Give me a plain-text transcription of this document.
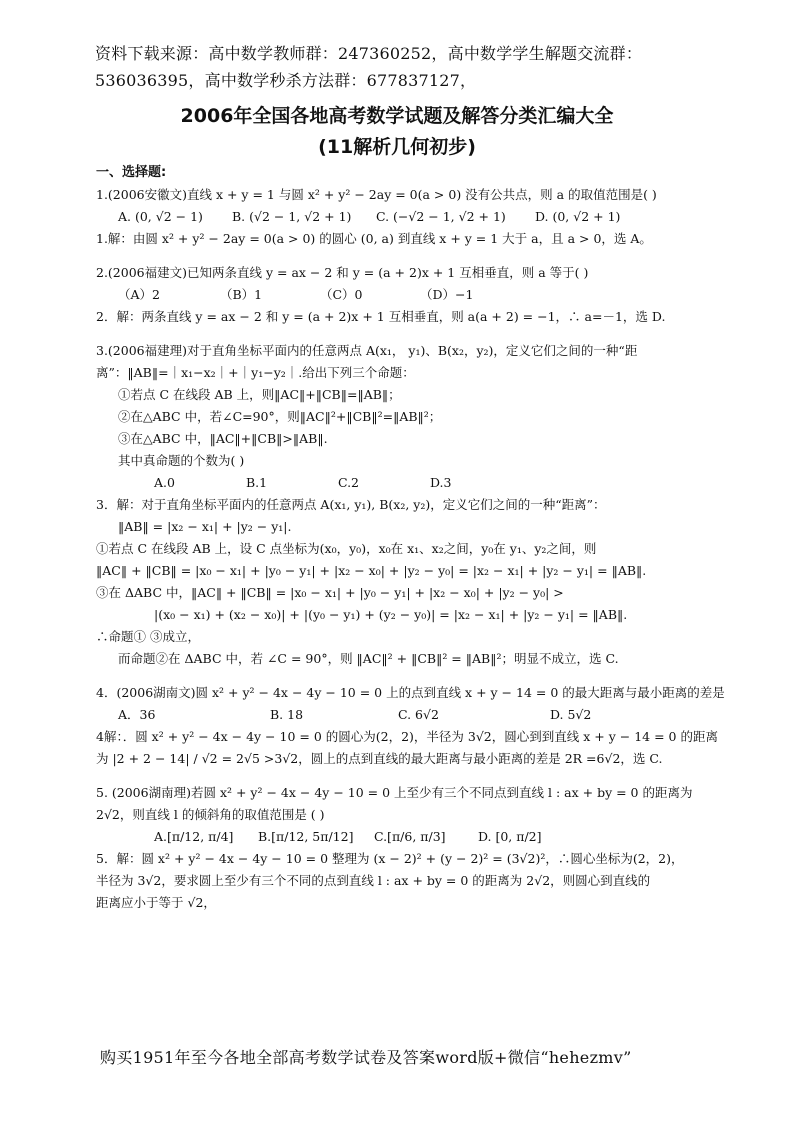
资料下载来源：高中数学教师群：247360252，高中数学学生解题交流群：
536036395，高中数学秒杀方法群：677837127，
2006年全国各地高考数学试题及解答分类汇编大全
(11解析几何初步)

一、选择题:

1.(2006安徽文)直线 x + y = 1 与圆 x² + y² − 2ay = 0(a > 0) 没有公共点，则 a 的取值范围是( )

A. (0, √2 − 1) B. (√2 − 1, √2 + 1) C. (−√2 − 1, √2 + 1) D. (0, √2 + 1)

1.解：由圆 x² + y² − 2ay = 0(a > 0) 的圆心 (0, a) 到直线 x + y = 1 大于 a，且 a > 0，选 A。

2.(2006福建文)已知两条直线 y = ax − 2 和 y = (a + 2)x + 1 互相垂直，则 a 等于( )

（A）2	（B）1	（C）0	（D）−1

2．解：两条直线 y = ax − 2 和 y = (a + 2)x + 1 互相垂直，则 a(a + 2) = −1，∴ a=－1，选 D.

3.(2006福建理)对于直角坐标平面内的任意两点 A(x₁， y₁)、B(x₂，y₂)，定义它们之间的一种“距

离”：‖AB‖=｜x₁−x₂｜+｜y₁−y₂｜.给出下列三个命题：

①若点 C 在线段 AB 上，则‖AC‖+‖CB‖=‖AB‖；

②在△ABC 中，若∠C=90°，则‖AC‖²+‖CB‖²=‖AB‖²；

③在△ABC 中，‖AC‖+‖CB‖>‖AB‖.

其中真命题的个数为( )

A.0	B.1	C.2	D.3

3．解：对于直角坐标平面内的任意两点 A(x₁, y₁), B(x₂, y₂)，定义它们之间的一种“距离”：

‖AB‖ = |x₂ − x₁| + |y₂ − y₁|.

①若点 C 在线段 AB 上，设 C 点坐标为(x₀，y₀)，x₀在 x₁、x₂之间，y₀在 y₁、y₂之间，则

‖AC‖ + ‖CB‖ = |x₀ − x₁| + |y₀ − y₁| + |x₂ − x₀| + |y₂ − y₀| = |x₂ − x₁| + |y₂ − y₁| = ‖AB‖.

③在 ΔABC 中，‖AC‖ + ‖CB‖ = |x₀ − x₁| + |y₀ − y₁| + |x₂ − x₀| + |y₂ − y₀| >

|(x₀ − x₁) + (x₂ − x₀)| + |(y₀ − y₁) + (y₂ − y₀)| = |x₂ − x₁| + |y₂ − y₁| = ‖AB‖.

∴命题① ③成立，

而命题②在 ΔABC 中，若 ∠C = 90°，则 ‖AC‖² + ‖CB‖² = ‖AB‖²；明显不成立，选 C.

4．(2006湖南文)圆 x² + y² − 4x − 4y − 10 = 0 上的点到直线 x + y − 14 = 0 的最大距离与最小距离的差是

A．36	B. 18	C. 6√2	D. 5√2

4解：．圆 x² + y² − 4x − 4y − 10 = 0 的圆心为(2，2)，半径为 3√2，圆心到到直线 x + y − 14 = 0 的距离

为 |2 + 2 − 14| / √2 = 2√5 >3√2，圆上的点到直线的最大距离与最小距离的差是 2R =6√2，选 C.

5. (2006湖南理)若圆 x² + y² − 4x − 4y − 10 = 0 上至少有三个不同点到直线 l : ax + by = 0 的距离为

2√2，则直线 l 的倾斜角的取值范围是 ( )

A.[π/12, π/4] B.[π/12, 5π/12] C.[π/6, π/3]	D. [0, π/2]

5．解：圆 x² + y² − 4x − 4y − 10 = 0 整理为 (x − 2)² + (y − 2)² = (3√2)²，∴圆心坐标为(2，2)，

半径为 3√2，要求圆上至少有三个不同的点到直线 l : ax + by = 0 的距离为 2√2，则圆心到直线的

距离应小于等于 √2，

购买1951年至今各地全部高考数学试卷及答案word版+微信“hehezmv”
